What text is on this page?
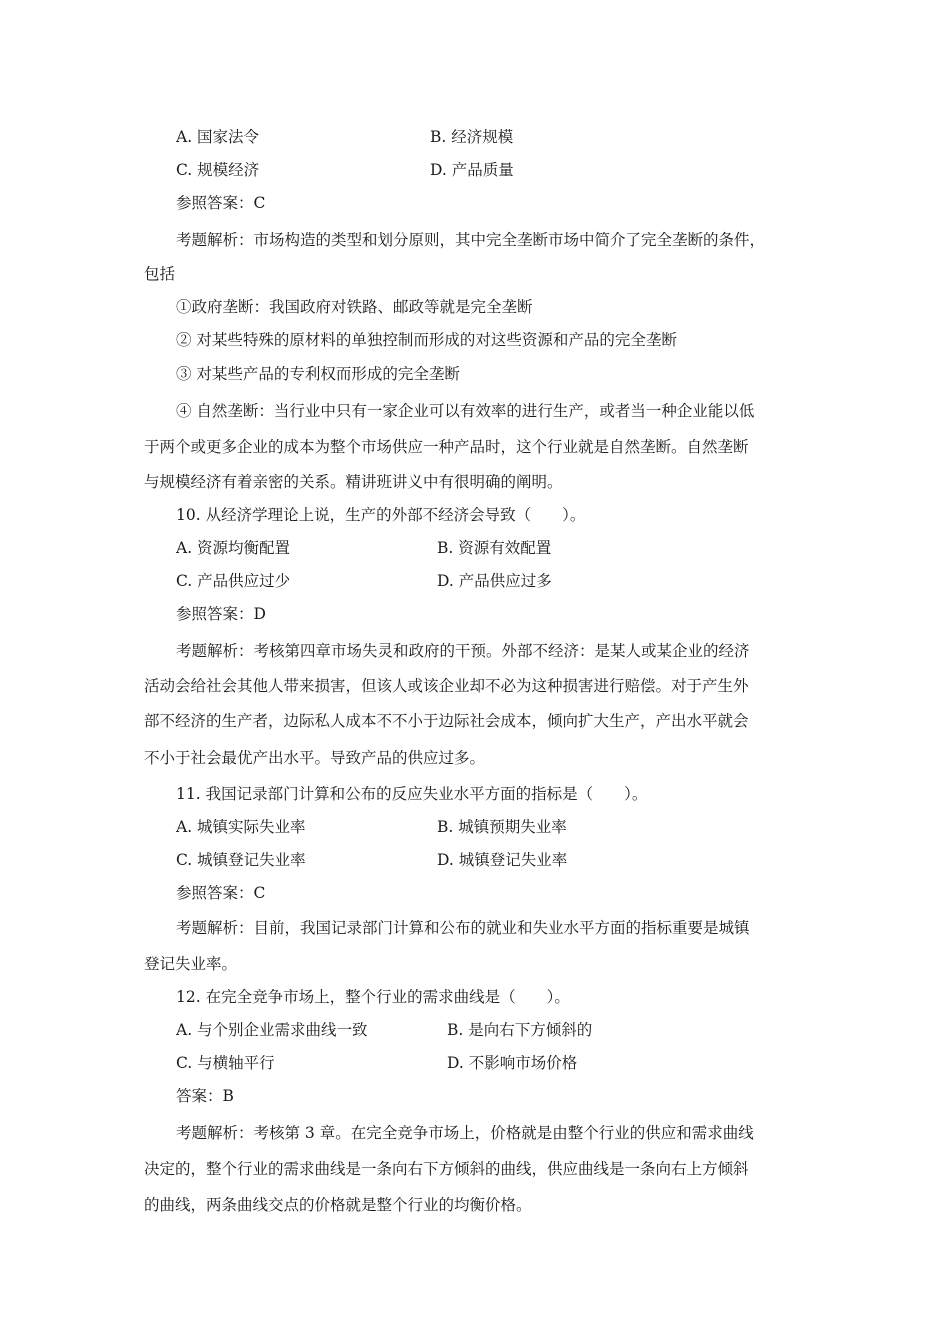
A. 国家法令	B. 经济规模
C. 规模经济	D. 产品质量
参照答案：C
考题解析：市场构造的类型和划分原则，其中完全垄断市场中简介了完全垄断的条件，
包括
①政府垄断：我国政府对铁路、邮政等就是完全垄断
② 对某些特殊的原材料的单独控制而形成的对这些资源和产品的完全垄断
③ 对某些产品的专利权而形成的完全垄断
④ 自然垄断：当行业中只有一家企业可以有效率的进行生产，或者当一种企业能以低
于两个或更多企业的成本为整个市场供应一种产品时，这个行业就是自然垄断。自然垄断
与规模经济有着亲密的关系。精讲班讲义中有很明确的阐明。
10. 从经济学理论上说，生产的外部不经济会导致（　　）。
A. 资源均衡配置	B. 资源有效配置
C. 产品供应过少	D. 产品供应过多
参照答案：D
考题解析：考核第四章市场失灵和政府的干预。外部不经济：是某人或某企业的经济
活动会给社会其他人带来损害，但该人或该企业却不必为这种损害进行赔偿。对于产生外
部不经济的生产者，边际私人成本不不小于边际社会成本，倾向扩大生产，产出水平就会
不小于社会最优产出水平。导致产品的供应过多。
11. 我国记录部门计算和公布的反应失业水平方面的指标是（　　）。
A. 城镇实际失业率	B. 城镇预期失业率
C. 城镇登记失业率	D. 城镇登记失业率
参照答案：C
考题解析：目前，我国记录部门计算和公布的就业和失业水平方面的指标重要是城镇
登记失业率。
12. 在完全竞争市场上，整个行业的需求曲线是（　　）。
A. 与个别企业需求曲线一致	B. 是向右下方倾斜的
C. 与横轴平行	D. 不影响市场价格
答案：B
考题解析：考核第 3 章。在完全竞争市场上，价格就是由整个行业的供应和需求曲线
决定的，整个行业的需求曲线是一条向右下方倾斜的曲线，供应曲线是一条向右上方倾斜
的曲线，两条曲线交点的价格就是整个行业的均衡价格。
